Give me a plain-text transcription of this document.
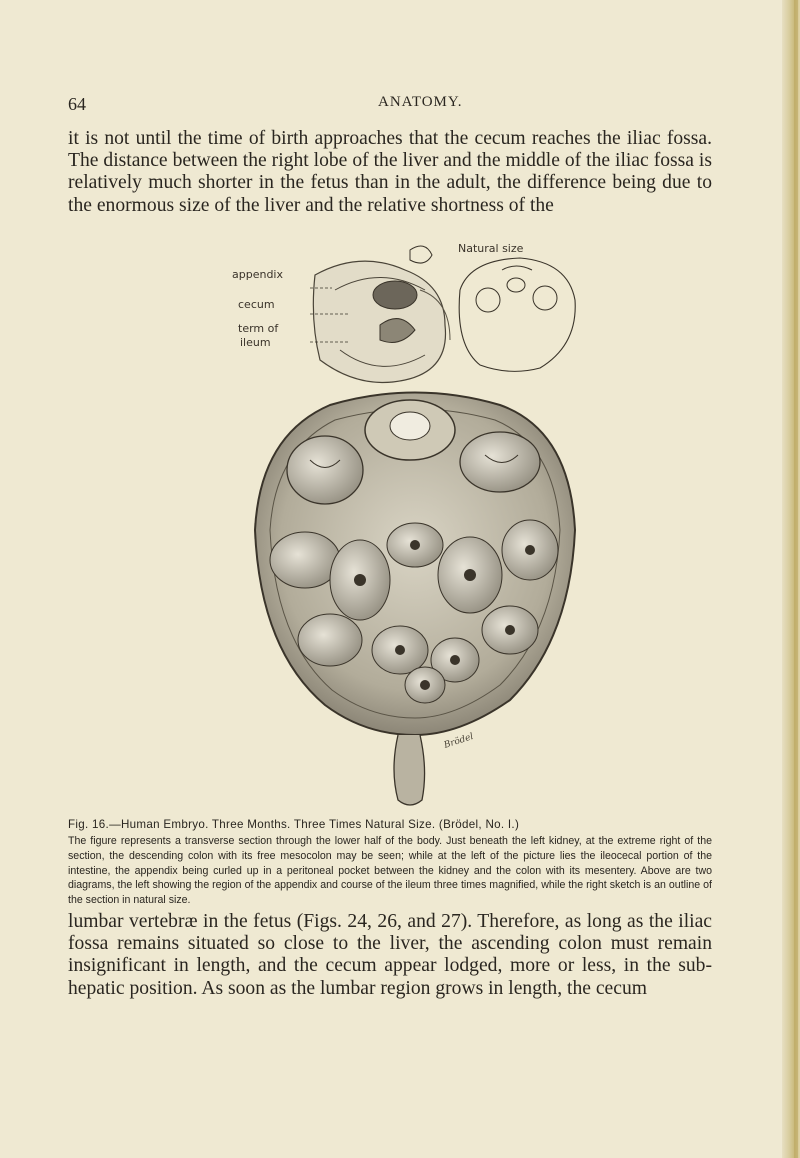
64	ANATOMY.

it is not until the time of birth approaches that the cecum reaches the iliac fossa. The distance between the right lobe of the liver and the middle of the iliac fossa is relatively much shorter in the fetus than in the adult, the difference being due to the enormous size of the liver and the relative shortness of the

appendix
cecum
term of
ileum
Natural size
Brödel

Fig. 16.—Human Embryo. Three Months. Three Times Natural Size. (Brödel, No. I.)

The figure represents a transverse section through the lower half of the body. Just beneath the left kidney, at the extreme right of the section, the descending colon with its free mesocolon may be seen; while at the left of the picture lies the ileocecal portion of the intestine, the appendix being curled up in a peritoneal pocket between the kidney and the colon with its mesentery. Above are two diagrams, the left showing the region of the appendix and course of the ileum three times magnified, while the right sketch is an outline of the section in natural size.

lumbar vertebræ in the fetus (Figs. 24, 26, and 27). Therefore, as long as the iliac fossa remains situated so close to the liver, the ascending colon must remain insignificant in length, and the cecum appear lodged, more or less, in the sub-hepatic position. As soon as the lumbar region grows in length, the cecum
